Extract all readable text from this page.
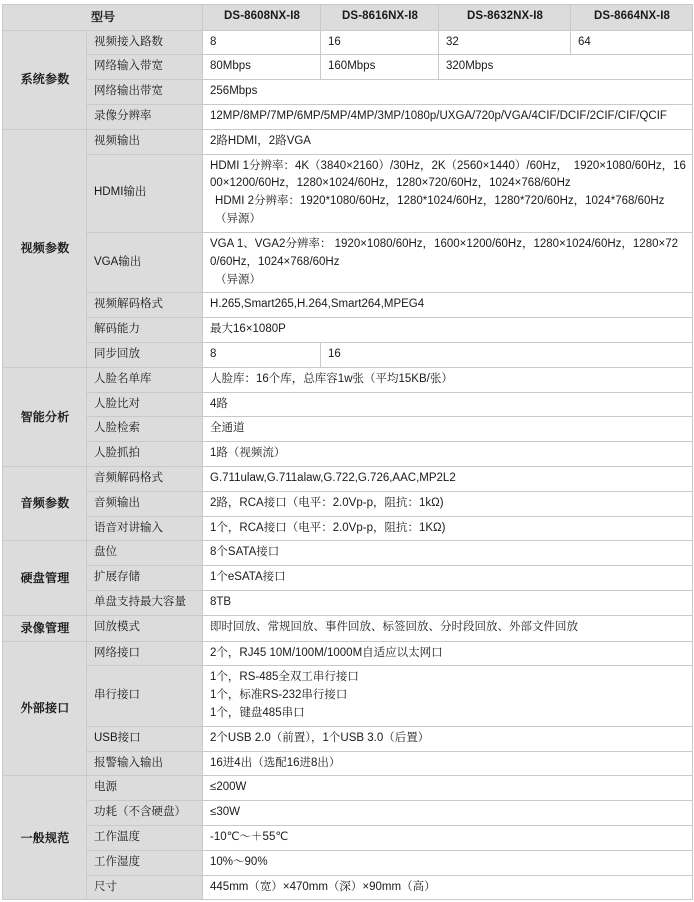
型号		DS-8608NX-I8	DS-8616NX-I8	DS-8632NX-I8	DS-8664NX-I8
系统参数	视频接入路数	8	16	32	64
	网络输入带宽	80Mbps	160Mbps	320Mbps	
	网络输出带宽	256Mbps			
	录像分辨率	12MP/8MP/7MP/6MP/5MP/4MP/3MP/1080p/UXGA/720p/VGA/4CIF/DCIF/2CIF/CIF/QCIF			
视频参数	视频输出	2路HDMI，2路VGA			
	HDMI输出	HDMI 1分辨率：4K（3840×2160）/30Hz，2K（2560×1440）/60Hz，　1920×1080/60Hz，1600×1200/60Hz，1280×1024/60Hz，1280×720/60Hz，1024×768/60Hz
HDMI 2分辨率：1920*1080/60Hz，1280*1024/60Hz，1280*720/60Hz，1024*768/60Hz
（异源）			

	VGA输出	VGA 1、VGA2分辨率： 1920×1080/60Hz，1600×1200/60Hz，1280×1024/60Hz，1280×720/60Hz，1024×768/60Hz
（异源）			

	视频解码格式	H.265,Smart265,H.264,Smart264,MPEG4			
	解码能力	最大16×1080P			
	同步回放	8	16		
智能分析	人脸名单库	人脸库：16个库，总库容1w张（平均15KB/张）			
	人脸比对	4路			
	人脸检索	全通道			
	人脸抓拍	1路（视频流）			
音频参数	音频解码格式	G.711ulaw,G.711alaw,G.722,G.726,AAC,MP2L2			
	音频输出	2路，RCA接口（电平：2.0Vp-p，阻抗：1kΩ)			
	语音对讲输入	1个，RCA接口（电平：2.0Vp-p，阻抗：1KΩ)			
硬盘管理	盘位	8个SATA接口			
	扩展存储	1个eSATA接口			
	单盘支持最大容量	8TB			
录像管理	回放模式	即时回放、常规回放、事件回放、标签回放、分时段回放、外部文件回放			
外部接口	网络接口	2个，RJ45 10M/100M/1000M自适应以太网口			
	串行接口	1个，RS-485全双工串行接口
1个，标准RS-232串行接口
1个，键盘485串口			

	USB接口	2个USB 2.0（前置），1个USB 3.0（后置）			
	报警输入输出	16进4出（选配16进8出）			
一般规范	电源	≤200W			
	功耗（不含硬盘）	≤30W			
	工作温度	-10℃～＋55℃			
	工作湿度	10%～90%			
	尺寸	445mm（宽）×470mm（深）×90mm（高）			
